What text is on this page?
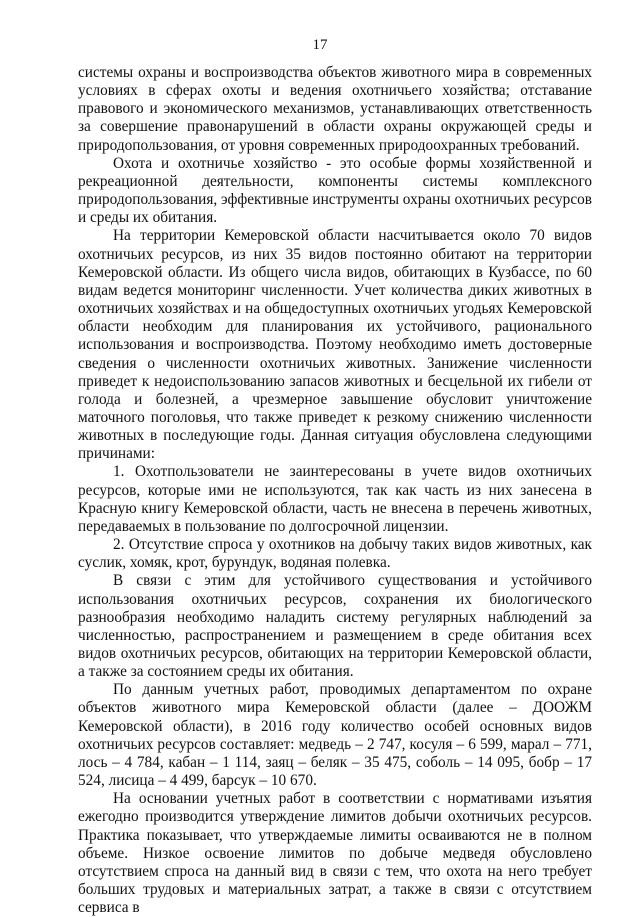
17

системы охраны и воспроизводства объектов животного мира в современных условиях в сферах охоты и ведения охотничьего хозяйства; отставание правового и экономического механизмов, устанавливающих ответственность за совершение правонарушений в области охраны окружающей среды и природопользования, от уровня современных природоохранных требований.

Охота и охотничье хозяйство - это особые формы хозяйственной и рекреационной деятельности, компоненты системы комплексного природопользования, эффективные инструменты охраны охотничьих ресурсов и среды их обитания.

На территории Кемеровской области насчитывается около 70 видов охотничьих ресурсов, из них 35 видов постоянно обитают на территории Кемеровской области. Из общего числа видов, обитающих в Кузбассе, по 60 видам ведется мониторинг численности. Учет количества диких животных в охотничьих хозяйствах и на общедоступных охотничьих угодьях Кемеровской области необходим для планирования их устойчивого, рационального использования и воспроизводства. Поэтому необходимо иметь достоверные сведения о численности охотничьих животных. Занижение численности приведет к недоиспользованию запасов животных и бесцельной их гибели от голода и болезней, а чрезмерное завышение обусловит уничтожение маточного поголовья, что также приведет к резкому снижению численности животных в последующие годы. Данная ситуация обусловлена следующими причинами:

1. Охотпользователи не заинтересованы в учете видов охотничьих ресурсов, которые ими не используются, так как часть из них занесена в Красную книгу Кемеровской области, часть не внесена в перечень животных, передаваемых в пользование по долгосрочной лицензии.

2. Отсутствие спроса у охотников на добычу таких видов животных, как суслик, хомяк, крот, бурундук, водяная полевка.

В связи с этим для устойчивого существования и устойчивого использования охотничьих ресурсов, сохранения их биологического разнообразия необходимо наладить систему регулярных наблюдений за численностью, распространением и размещением в среде обитания всех видов охотничьих ресурсов, обитающих на территории Кемеровской области, а также за состоянием среды их обитания.

По данным учетных работ, проводимых департаментом по охране объектов животного мира Кемеровской области (далее – ДООЖМ Кемеровской области), в 2016 году количество особей основных видов охотничьих ресурсов составляет: медведь – 2 747, косуля – 6 599, марал – 771, лось – 4 784, кабан – 1 114, заяц – беляк – 35 475, соболь – 14 095, бобр – 17 524, лисица – 4 499, барсук – 10 670.

На основании учетных работ в соответствии с нормативами изъятия ежегодно производится утверждение лимитов добычи охотничьих ресурсов. Практика показывает, что утверждаемые лимиты осваиваются не в полном объеме. Низкое освоение лимитов по добыче медведя обусловлено отсутствием спроса на данный вид в связи с тем, что охота на него требует больших трудовых и материальных затрат, а также в связи с отсутствием сервиса в
